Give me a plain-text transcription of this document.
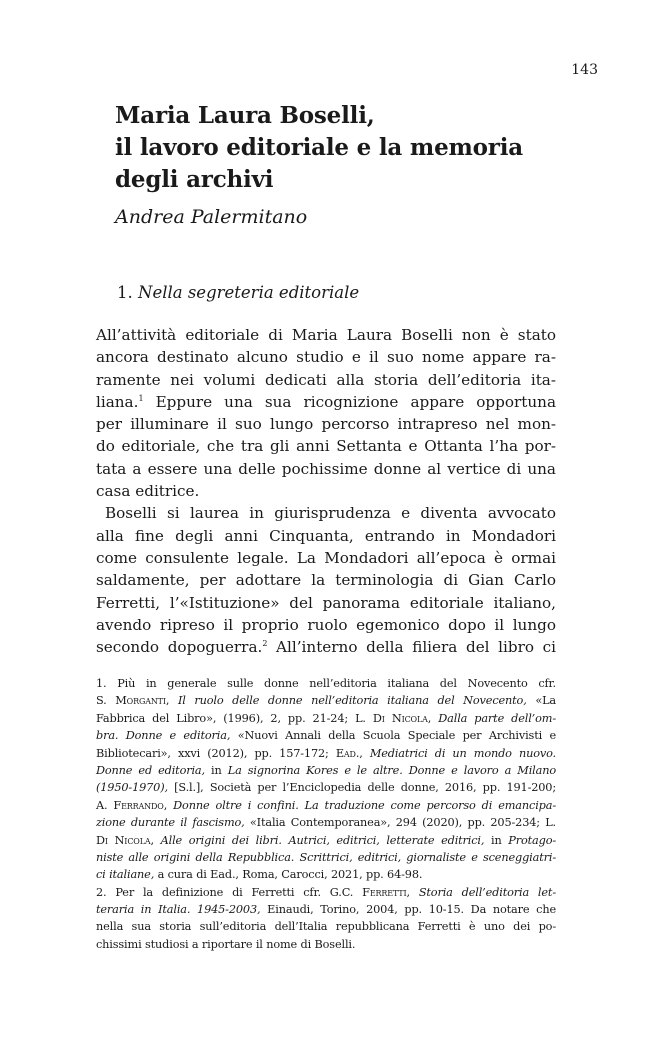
143
Maria Laura Boselli,
il lavoro editoriale e la memoria
degli archivi
Andrea Palermitano
1. Nella segreteria editoriale
All’attività editoriale di Maria Laura Boselli non è stato
ancora destinato alcuno studio e il suo nome appare ra-
ramente nei volumi dedicati alla storia dell’editoria ita-
liana.$^1$ Eppure una sua ricognizione appare opportuna
per illuminare il suo lungo percorso intrapreso nel mon-
do editoriale, che tra gli anni Settanta e Ottanta l’ha por-
tata a essere una delle pochissime donne al vertice di una
casa editrice.
Boselli si laurea in giurisprudenza e diventa avvocato
alla fine degli anni Cinquanta, entrando in Mondadori
come consulente legale. La Mondadori all’epoca è ormai
saldamente, per adottare la terminologia di Gian Carlo
Ferretti, l’«Istituzione» del panorama editoriale italiano,
avendo ripreso il proprio ruolo egemonico dopo il lungo
secondo dopoguerra.$^2$ All’interno della filiera del libro ci
1. Più in generale sulle donne nell’editoria italiana del Novecento cfr.
S. Morganti, Il ruolo delle donne nell’editoria italiana del Novecento, «La
Fabbrica del Libro», (1996), 2, pp. 21-24; L. Di Nicola, Dalla parte dell’om-
bra. Donne e editoria, «Nuovi Annali della Scuola Speciale per Archivisti e
Bibliotecari», xxvi (2012), pp. 157-172; Ead., Mediatrici di un mondo nuovo.
Donne ed editoria, in La signorina Kores e le altre. Donne e lavoro a Milano
(1950-1970), [S.l.], Società per l’Enciclopedia delle donne, 2016, pp. 191-200;
A. Ferrando, Donne oltre i confini. La traduzione come percorso di emancipa-
zione durante il fascismo, «Italia Contemporanea», 294 (2020), pp. 205-234; L.
Di Nicola, Alle origini dei libri. Autrici, editrici, letterate editrici, in Protago-
niste alle origini della Repubblica. Scrittrici, editrici, giornaliste e sceneggiatri-
ci italiane, a cura di Ead., Roma, Carocci, 2021, pp. 64-98.
2. Per la definizione di Ferretti cfr. G.C. Ferretti, Storia dell’editoria let-
teraria in Italia. 1945-2003, Einaudi, Torino, 2004, pp. 10-15. Da notare che
nella sua storia sull’editoria dell’Italia repubblicana Ferretti è uno dei po-
chissimi studiosi a riportare il nome di Boselli.
